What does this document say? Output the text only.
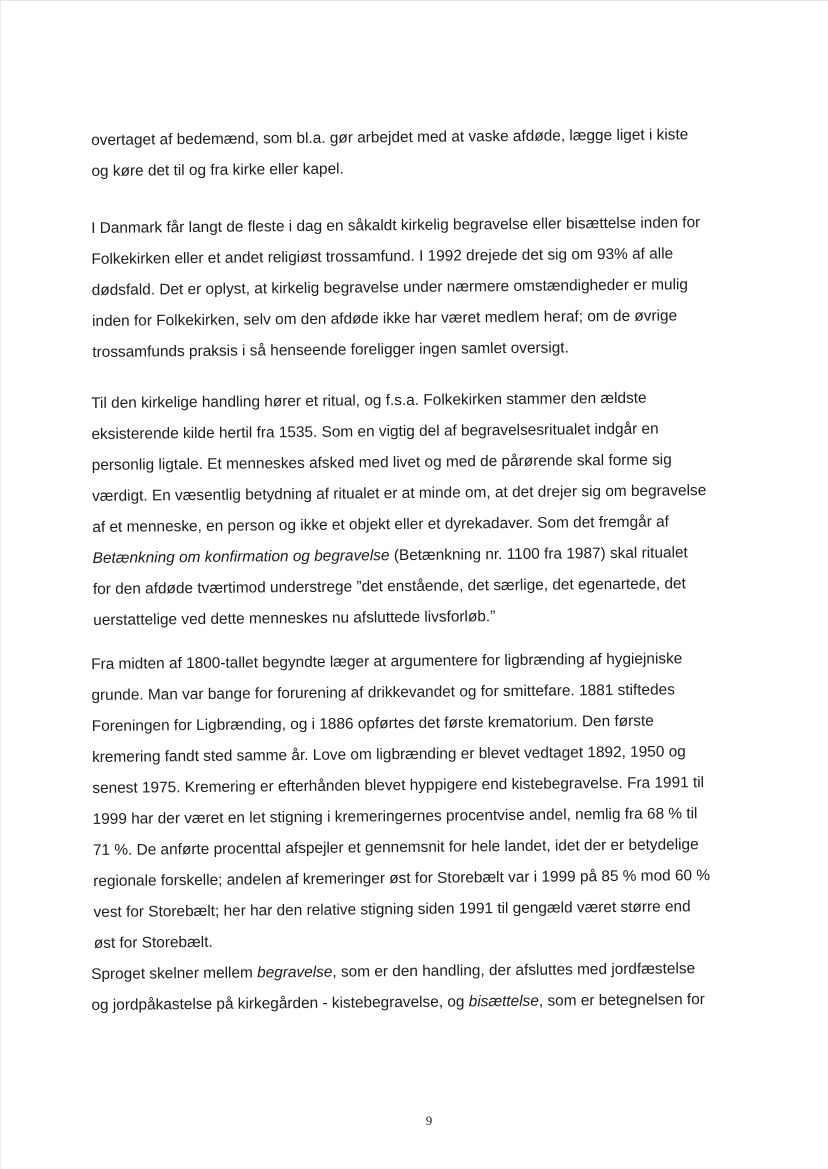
overtaget af bedemænd, som bl.a. gør arbejdet med at vaske afdøde, lægge liget i kiste
og køre det til og fra kirke eller kapel.
I Danmark får langt de fleste i dag en såkaldt kirkelig begravelse eller bisættelse inden for
Folkekirken eller et andet religiøst trossamfund. I 1992 drejede det sig om 93% af alle
dødsfald. Det er oplyst, at kirkelig begravelse under nærmere omstændigheder er mulig
inden for Folkekirken, selv om den afdøde ikke har været medlem heraf; om de øvrige
trossamfunds praksis i så henseende foreligger ingen samlet oversigt.
Til den kirkelige handling hører et ritual, og f.s.a. Folkekirken stammer den ældste
eksisterende kilde hertil fra 1535. Som en vigtig del af begravelsesritualet indgår en
personlig ligtale. Et menneskes afsked med livet og med de pårørende skal forme sig
værdigt. En væsentlig betydning af ritualet er at minde om, at det drejer sig om begravelse
af et menneske, en person og ikke et objekt eller et dyrekadaver. Som det fremgår af
Betænkning om konfirmation og begravelse (Betænkning nr. 1100 fra 1987) skal ritualet
for den afdøde tværtimod understrege ”det enstående, det særlige, det egenartede, det
uerstattelige ved dette menneskes nu afsluttede livsforløb.”
Fra midten af 1800-tallet begyndte læger at argumentere for ligbrænding af hygiejniske
grunde. Man var bange for forurening af drikkevandet og for smittefare. 1881 stiftedes
Foreningen for Ligbrænding, og i 1886 opførtes det første krematorium. Den første
kremering fandt sted samme år. Love om ligbrænding er blevet vedtaget 1892, 1950 og
senest 1975. Kremering er efterhånden blevet hyppigere end kistebegravelse. Fra 1991 til
1999 har der været en let stigning i kremeringernes procentvise andel, nemlig fra 68 % til
71 %. De anførte procenttal afspejler et gennemsnit for hele landet, idet der er betydelige
regionale forskelle; andelen af kremeringer øst for Storebælt var i 1999 på 85 % mod 60 %
vest for Storebælt; her har den relative stigning siden 1991 til gengæld været større end
øst for Storebælt.
Sproget skelner mellem begravelse, som er den handling, der afsluttes med jordfæstelse
og jordpåkastelse på kirkegården - kistebegravelse, og bisættelse, som er betegnelsen for
9
